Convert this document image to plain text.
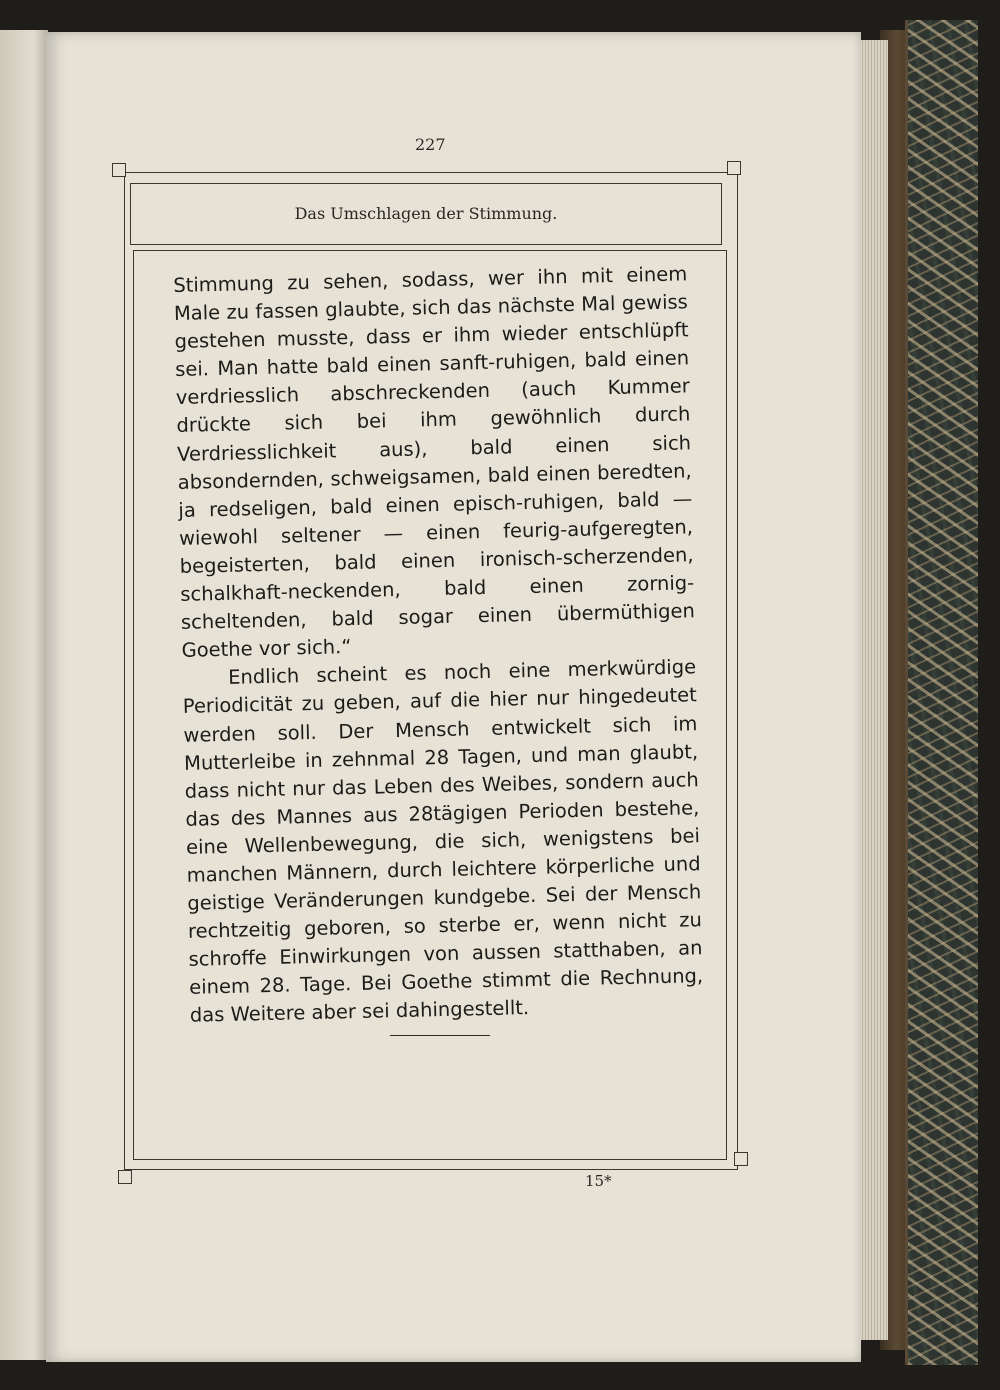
227
Das Umschlagen der Stimmung.

Stimmung zu sehen, sodass, wer ihn mit einem Male zu fassen glaubte, sich das nächste Mal gewiss gestehen musste, dass er ihm wieder entschlüpft sei. Man hatte bald einen sanft-ruhigen, bald einen verdriesslich abschreckenden (auch Kummer drückte sich bei ihm gewöhnlich durch Verdriesslichkeit aus), bald einen sich absondernden, schweigsamen, bald einen beredten, ja redseligen, bald einen episch-ruhigen, bald — wiewohl seltener — einen feurig-aufgeregten, begeisterten, bald einen ironisch-scherzenden, schalkhaft-neckenden, bald einen zornig-scheltenden, bald sogar einen übermüthigen Goethe vor sich.“

Endlich scheint es noch eine merkwürdige Periodicität zu geben, auf die hier nur hingedeutet werden soll. Der Mensch entwickelt sich im Mutterleibe in zehnmal 28 Tagen, und man glaubt, dass nicht nur das Leben des Weibes, sondern auch das des Mannes aus 28tägigen Perioden bestehe, eine Wellenbewegung, die sich, wenigstens bei manchen Männern, durch leichtere körperliche und geistige Veränderungen kundgebe. Sei der Mensch rechtzeitig geboren, so sterbe er, wenn nicht zu schroffe Einwirkungen von aussen statthaben, an einem 28. Tage. Bei Goethe stimmt die Rechnung, das Weitere aber sei dahingestellt.

15*
